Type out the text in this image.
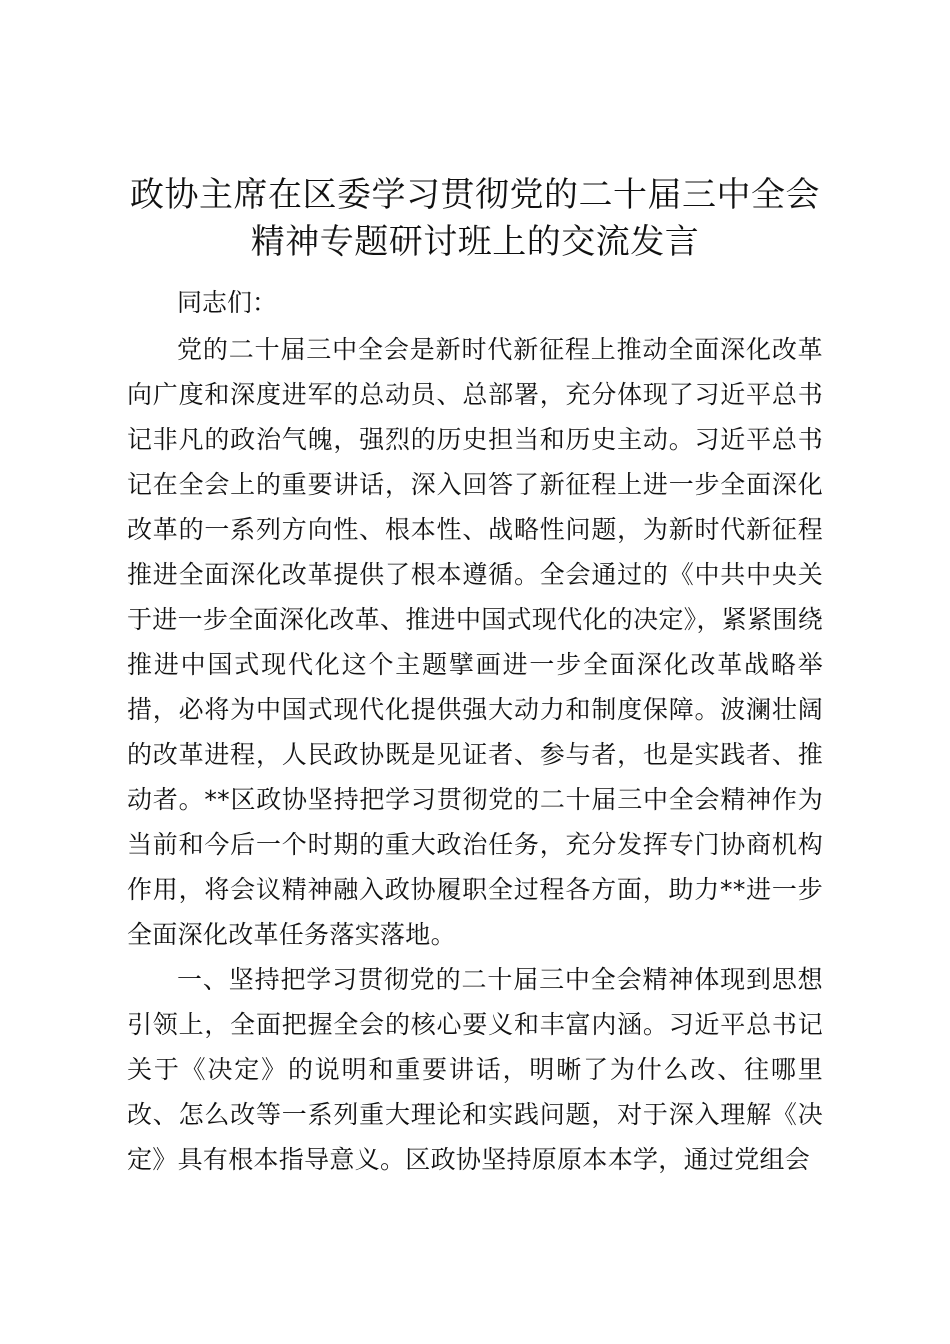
政协主席在区委学习贯彻党的二十届三中全会
精神专题研讨班上的交流发言

同志们：

党的二十届三中全会是新时代新征程上推动全面深化改革向广度和深度进军的总动员、总部署，充分体现了习近平总书记非凡的政治气魄，强烈的历史担当和历史主动。习近平总书记在全会上的重要讲话，深入回答了新征程上进一步全面深化改革的一系列方向性、根本性、战略性问题，为新时代新征程推进全面深化改革提供了根本遵循。全会通过的《中共中央关于进一步全面深化改革、推进中国式现代化的决定》，紧紧围绕推进中国式现代化这个主题擘画进一步全面深化改革战略举措，必将为中国式现代化提供强大动力和制度保障。波澜壮阔的改革进程，人民政协既是见证者、参与者，也是实践者、推动者。**区政协坚持把学习贯彻党的二十届三中全会精神作为当前和今后一个时期的重大政治任务，充分发挥专门协商机构作用，将会议精神融入政协履职全过程各方面，助力**进一步全面深化改革任务落实落地。

一、坚持把学习贯彻党的二十届三中全会精神体现到思想引领上，全面把握全会的核心要义和丰富内涵。习近平总书记关于《决定》的说明和重要讲话，明晰了为什么改、往哪里改、怎么改等一系列重大理论和实践问题，对于深入理解《决定》具有根本指导意义。区政协坚持原原本本学，通过党组会
